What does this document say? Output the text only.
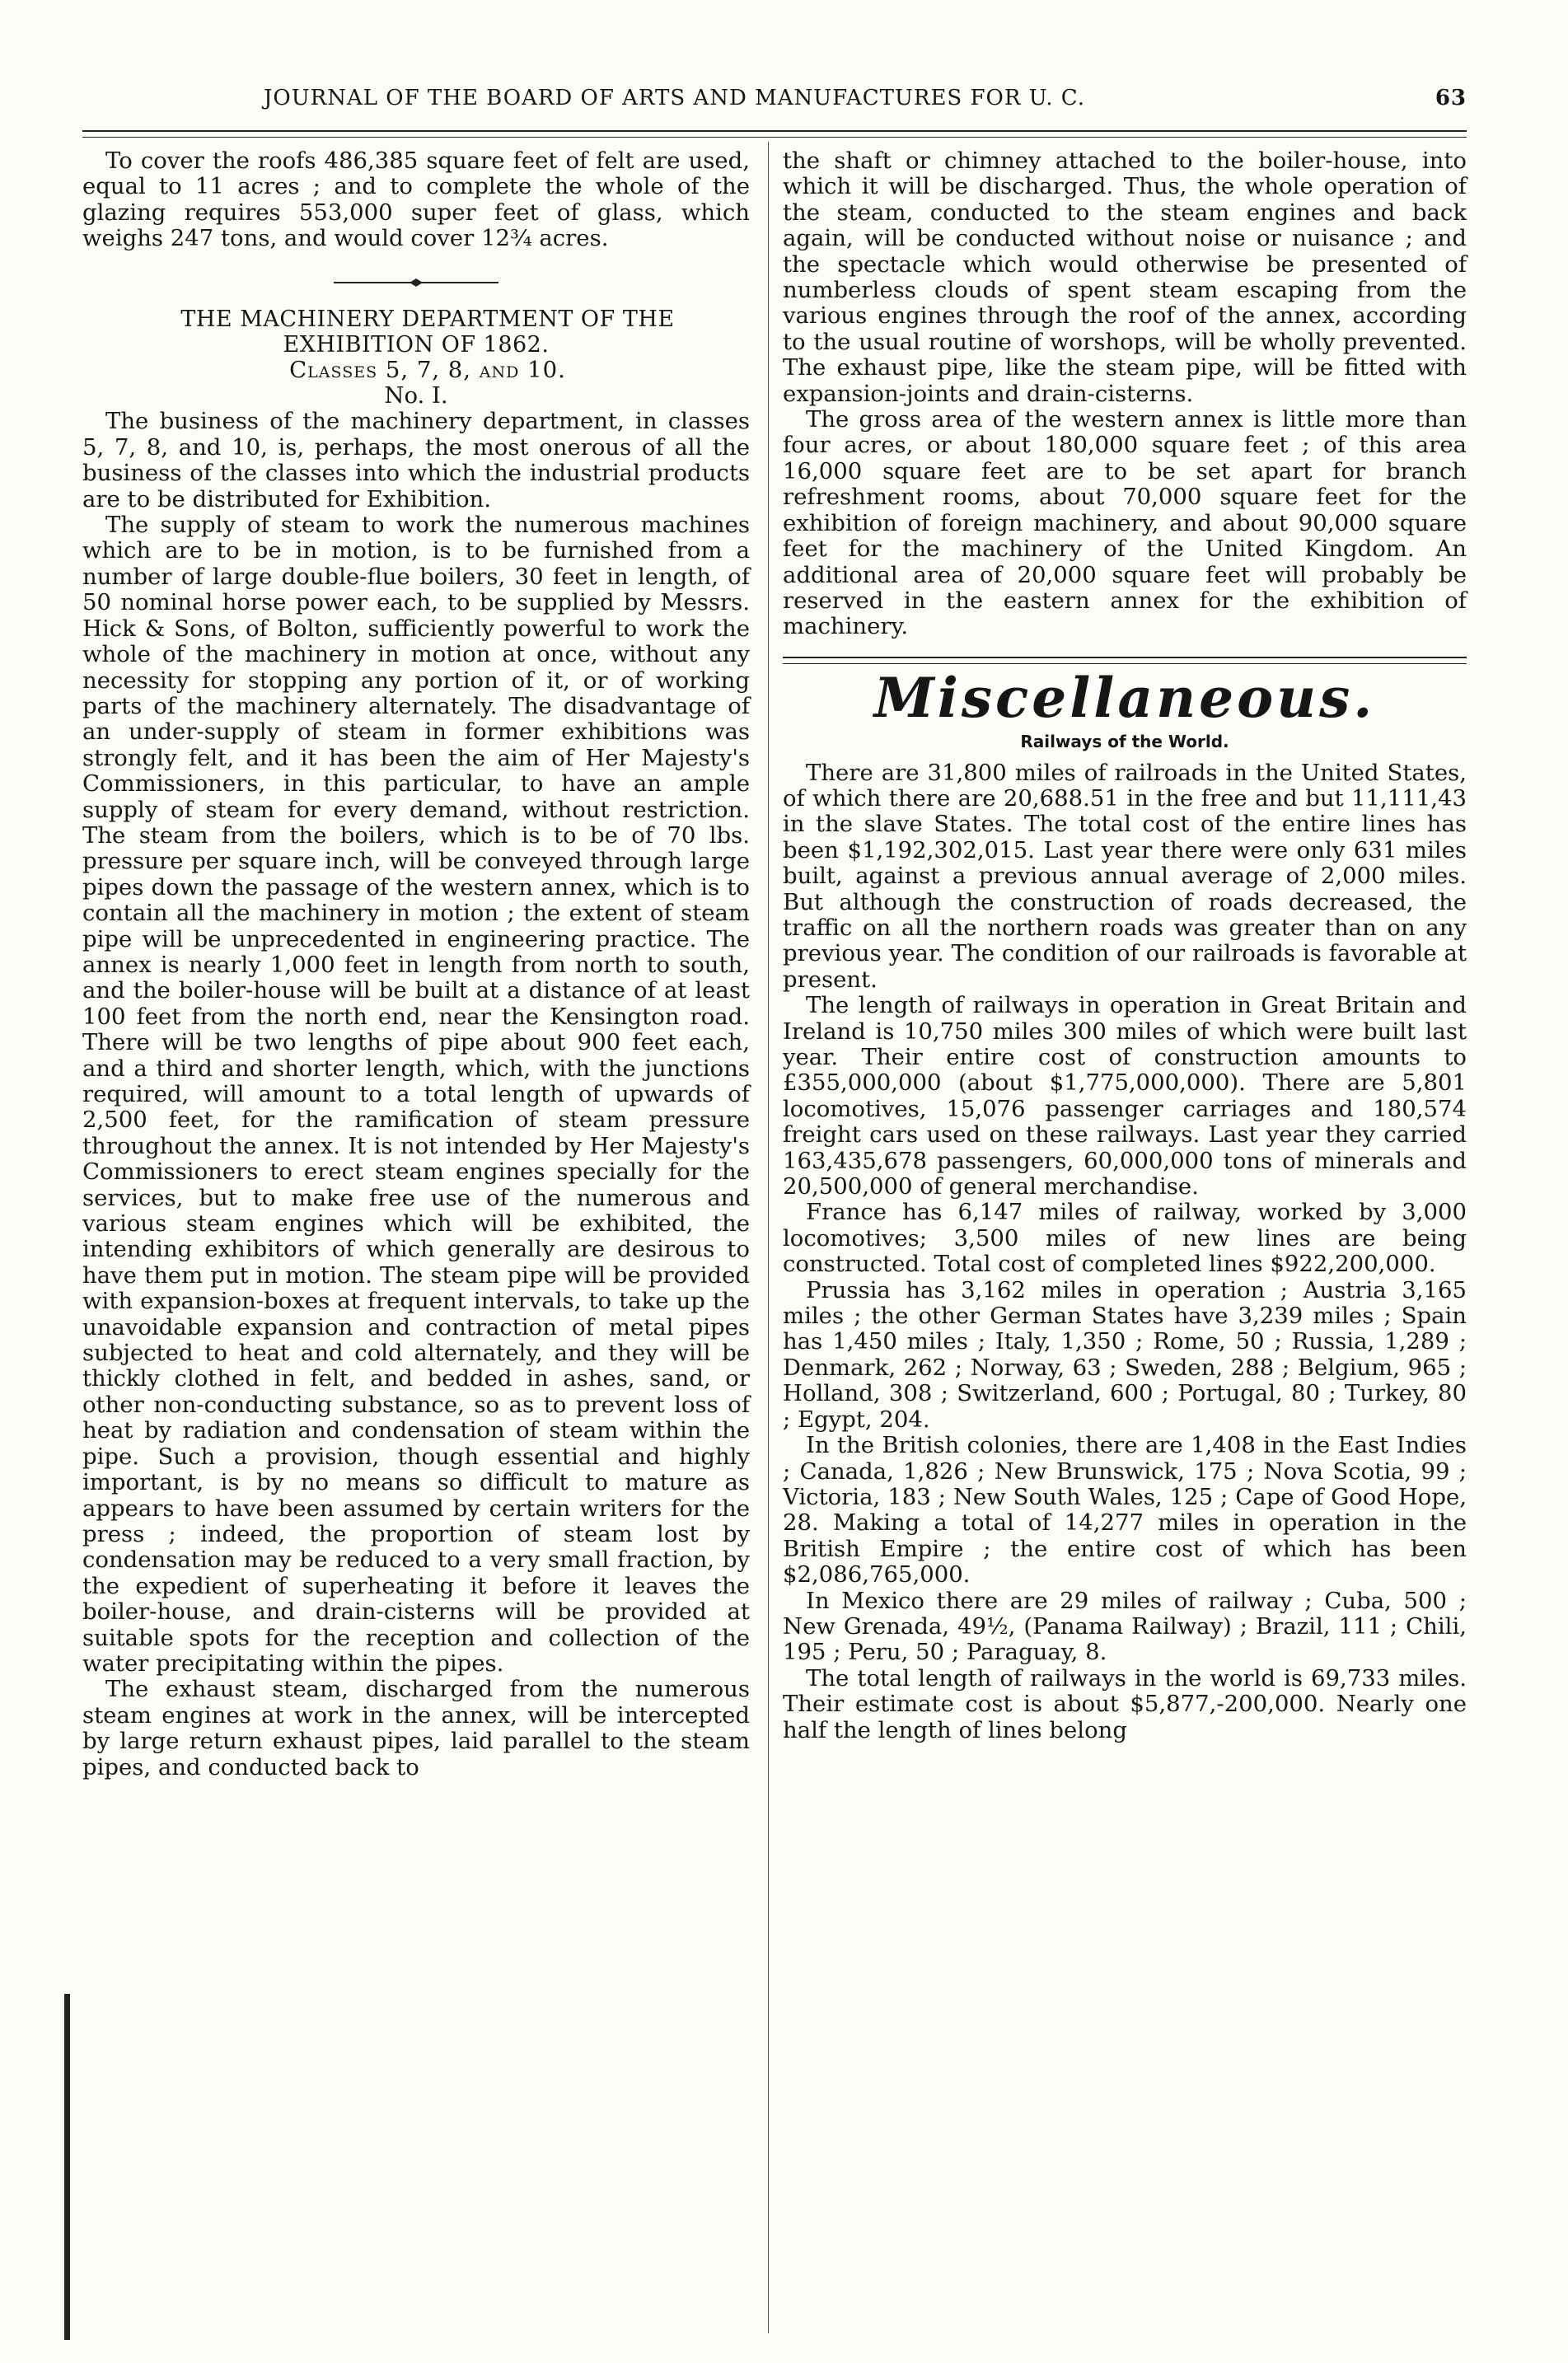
JOURNAL OF THE BOARD OF ARTS AND MANUFACTURES FOR U. C.	63

To cover the roofs 486,385 square feet of felt are used, equal to 11 acres ; and to complete the whole of the glazing requires 553,000 super feet of glass, which weighs 247 tons, and would cover 12¾ acres.

THE MACHINERY DEPARTMENT OF THE EXHIBITION OF 1862.

Classes 5, 7, 8, and 10.

No. I.

The business of the machinery department, in classes 5, 7, 8, and 10, is, perhaps, the most onerous of all the business of the classes into which the industrial products are to be distributed for Exhibition.

The supply of steam to work the numerous machines which are to be in motion, is to be furnished from a number of large double-flue boilers, 30 feet in length, of 50 nominal horse power each, to be supplied by Messrs. Hick & Sons, of Bolton, sufficiently powerful to work the whole of the machinery in motion at once, without any necessity for stopping any portion of it, or of working parts of the machinery alternately. The disadvantage of an under-supply of steam in former exhibitions was strongly felt, and it has been the aim of Her Majesty's Commissioners, in this particular, to have an ample supply of steam for every demand, without restriction. The steam from the boilers, which is to be of 70 lbs. pressure per square inch, will be conveyed through large pipes down the passage of the western annex, which is to contain all the machinery in motion ; the extent of steam pipe will be unprecedented in engineering practice. The annex is nearly 1,000 feet in length from north to south, and the boiler-house will be built at a distance of at least 100 feet from the north end, near the Kensington road. There will be two lengths of pipe about 900 feet each, and a third and shorter length, which, with the junctions required, will amount to a total length of upwards of 2,500 feet, for the ramification of steam pressure throughout the annex. It is not intended by Her Majesty's Commissioners to erect steam engines specially for the services, but to make free use of the numerous and various steam engines which will be exhibited, the intending exhibitors of which generally are desirous to have them put in motion. The steam pipe will be provided with expansion-boxes at frequent intervals, to take up the unavoidable expansion and contraction of metal pipes subjected to heat and cold alternately, and they will be thickly clothed in felt, and bedded in ashes, sand, or other non-conducting substance, so as to prevent loss of heat by radiation and condensation of steam within the pipe. Such a provision, though essential and highly important, is by no means so difficult to mature as appears to have been assumed by certain writers for the press ; indeed, the proportion of steam lost by condensation may be reduced to a very small fraction, by the expedient of superheating it before it leaves the boiler-house, and drain-cisterns will be provided at suitable spots for the reception and collection of the water precipitating within the pipes.

The exhaust steam, discharged from the numerous steam engines at work in the annex, will be intercepted by large return exhaust pipes, laid parallel to the steam pipes, and conducted back to

the shaft or chimney attached to the boiler-house, into which it will be discharged. Thus, the whole operation of the steam, conducted to the steam engines and back again, will be conducted without noise or nuisance ; and the spectacle which would otherwise be presented of numberless clouds of spent steam escaping from the various engines through the roof of the annex, according to the usual routine of worshops, will be wholly prevented. The exhaust pipe, like the steam pipe, will be fitted with expansion-joints and drain-cisterns.

The gross area of the western annex is little more than four acres, or about 180,000 square feet ; of this area 16,000 square feet are to be set apart for branch refreshment rooms, about 70,000 square feet for the exhibition of foreign machinery, and about 90,000 square feet for the machinery of the United Kingdom. An additional area of 20,000 square feet will probably be reserved in the eastern annex for the exhibition of machinery.

Miscellaneous.
Railways of the World.

There are 31,800 miles of railroads in the United States, of which there are 20,688.51 in the free and but 11,111,43 in the slave States. The total cost of the entire lines has been $1,192,302,015. Last year there were only 631 miles built, against a previous annual average of 2,000 miles. But although the construction of roads decreased, the traffic on all the northern roads was greater than on any previous year. The condition of our railroads is favorable at present.

The length of railways in operation in Great Britain and Ireland is 10,750 miles 300 miles of which were built last year. Their entire cost of construction amounts to £355,000,000 (about $1,775,000,000). There are 5,801 locomotives, 15,076 passenger carriages and 180,574 freight cars used on these railways. Last year they carried 163,435,678 passengers, 60,000,000 tons of minerals and 20,500,000 of general merchandise.

France has 6,147 miles of railway, worked by 3,000 locomotives; 3,500 miles of new lines are being constructed. Total cost of completed lines $922,200,000.

Prussia has 3,162 miles in operation ; Austria 3,165 miles ; the other German States have 3,239 miles ; Spain has 1,450 miles ; Italy, 1,350 ; Rome, 50 ; Russia, 1,289 ; Denmark, 262 ; Norway, 63 ; Sweden, 288 ; Belgium, 965 ; Holland, 308 ; Switzerland, 600 ; Portugal, 80 ; Turkey, 80 ; Egypt, 204.

In the British colonies, there are 1,408 in the East Indies ; Canada, 1,826 ; New Brunswick, 175 ; Nova Scotia, 99 ; Victoria, 183 ; New South Wales, 125 ; Cape of Good Hope, 28. Making a total of 14,277 miles in operation in the British Empire ; the entire cost of which has been $2,086,765,000.

In Mexico there are 29 miles of railway ; Cuba, 500 ; New Grenada, 49½, (Panama Railway) ; Brazil, 111 ; Chili, 195 ; Peru, 50 ; Paraguay, 8.

The total length of railways in the world is 69,733 miles. Their estimate cost is about $5,877,-200,000. Nearly one half the length of lines belong
